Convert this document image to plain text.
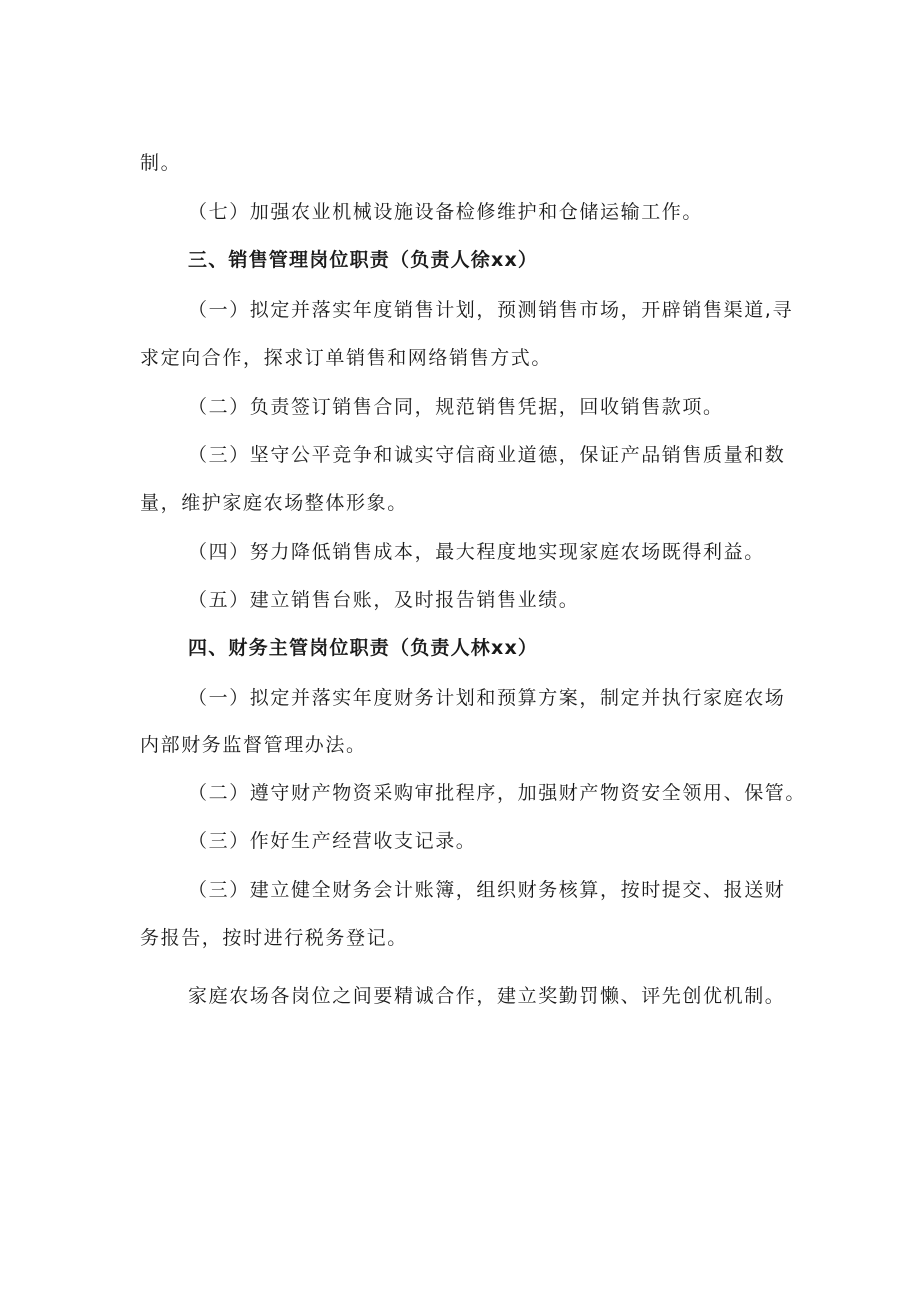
制。
（七）加强农业机械设施设备检修维护和仓储运输工作。
三、销售管理岗位职责（负责人徐xx）
（一）拟定并落实年度销售计划，预测销售市场，开辟销售渠道,寻
求定向合作，探求订单销售和网络销售方式。
（二）负责签订销售合同，规范销售凭据，回收销售款项。
（三）坚守公平竞争和诚实守信商业道德，保证产品销售质量和数
量，维护家庭农场整体形象。
（四）努力降低销售成本，最大程度地实现家庭农场既得利益。
（五）建立销售台账，及时报告销售业绩。
四、财务主管岗位职责（负责人林xx）
（一）拟定并落实年度财务计划和预算方案，制定并执行家庭农场
内部财务监督管理办法。
（二）遵守财产物资采购审批程序，加强财产物资安全领用、保管。
（三）作好生产经营收支记录。
（三）建立健全财务会计账簿，组织财务核算，按时提交、报送财
务报告，按时进行税务登记。
家庭农场各岗位之间要精诚合作，建立奖勤罚懒、评先创优机制。
